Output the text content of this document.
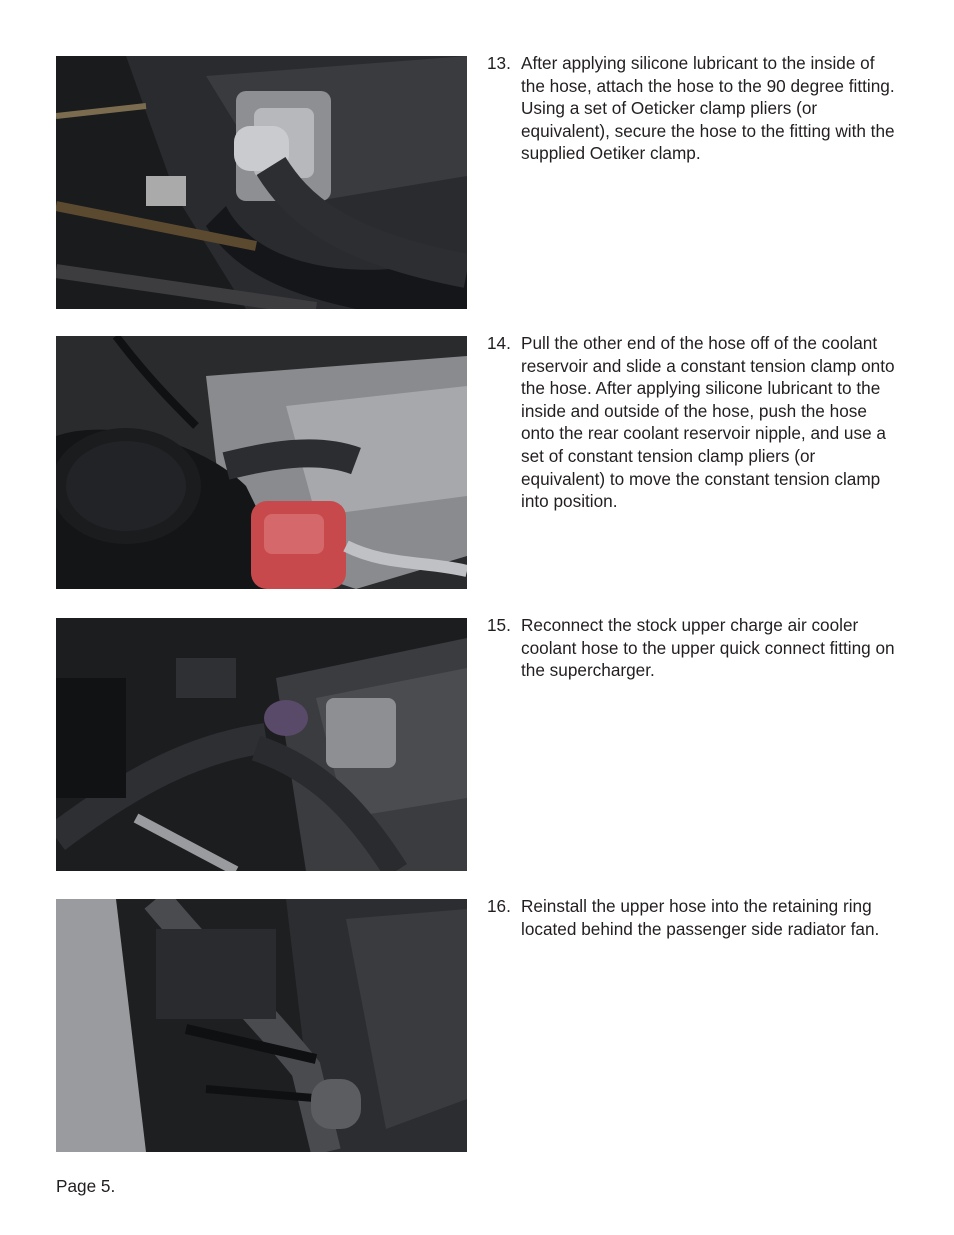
13. After applying silicone lubricant to the inside of the hose, attach the hose to the 90 degree fitting. Using a set of Oeticker clamp pliers (or equivalent), secure the hose to the fitting with the supplied Oetiker clamp.
14. Pull the other end of the hose off of the coolant reservoir and slide a constant tension clamp onto the hose. After applying silicone lubricant to the inside and outside of the hose, push the hose onto the rear coolant reservoir nipple, and use a set of constant tension clamp pliers (or equivalent) to move the constant tension clamp into position.
15. Reconnect the stock upper charge air cooler coolant hose to the upper quick connect fitting on the supercharger.
16. Reinstall the upper hose into the retaining ring located behind the passenger side radiator fan.
Page 5.
